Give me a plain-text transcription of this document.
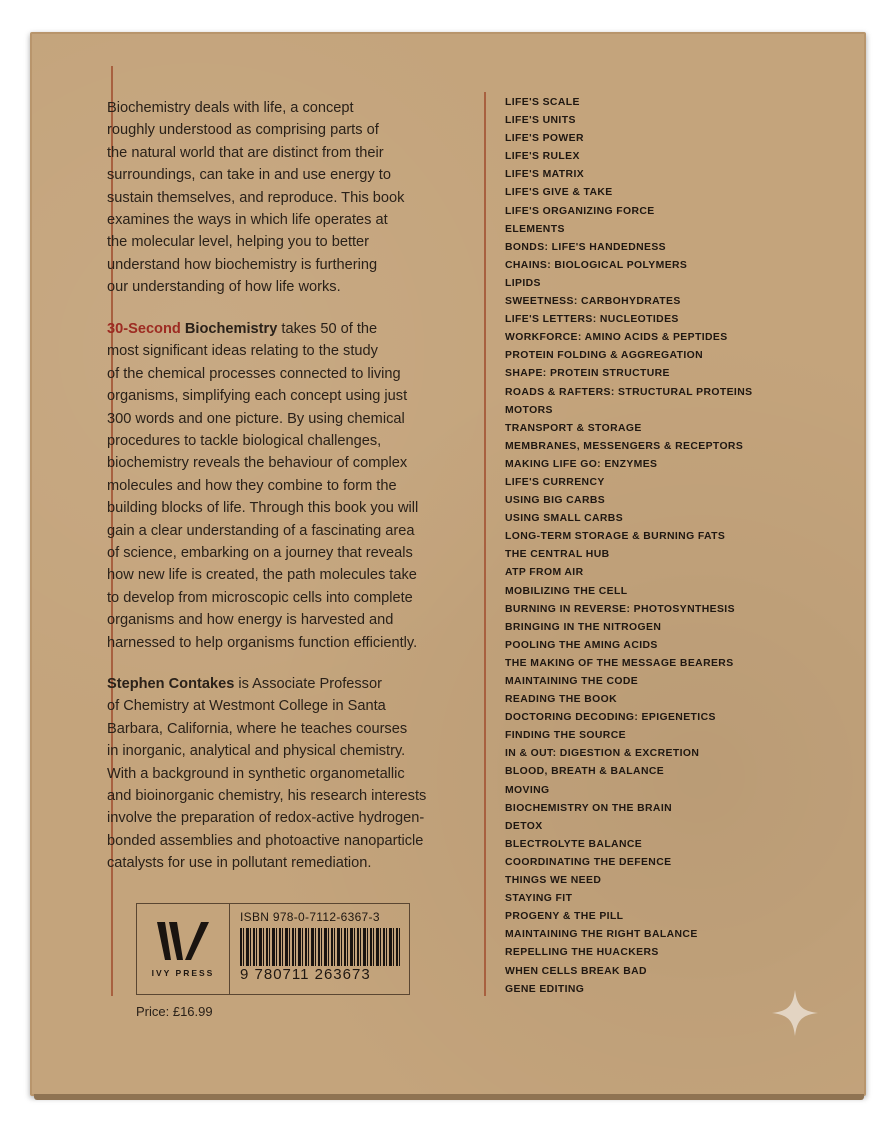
Biochemistry deals with life, a concept
roughly understood as comprising parts of
the natural world that are distinct from their
surroundings, can take in and use energy to
sustain themselves, and reproduce. This book
examines the ways in which life operates at
the molecular level, helping you to better
understand how biochemistry is furthering
our understanding of how life works.
30-Second Biochemistry takes 50 of the
most significant ideas relating to the study
of the chemical processes connected to living
organisms, simplifying each concept using just
300 words and one picture. By using chemical
procedures to tackle biological challenges,
biochemistry reveals the behaviour of complex
molecules and how they combine to form the
building blocks of life. Through this book you will
gain a clear understanding of a fascinating area
of science, embarking on a journey that reveals
how new life is created, the path molecules take
to develop from microscopic cells into complete
organisms and how energy is harvested and
harnessed to help organisms function efficiently.
Stephen Contakes is Associate Professor
of Chemistry at Westmont College in Santa
Barbara, California, where he teaches courses
in inorganic, analytical and physical chemistry.
With a background in synthetic organometallic
and bioinorganic chemistry, his research interests
involve the preparation of redox-active hydrogen-
bonded assemblies and photoactive nanoparticle
catalysts for use in pollutant remediation.
LIFE'S SCALE
LIFE'S UNITS
LIFE'S POWER
LIFE'S RULEX
LIFE'S MATRIX
LIFE'S GIVE & TAKE
LIFE'S ORGANIZING FORCE
ELEMENTS
BONDS: LIFE'S HANDEDNESS
CHAINS: BIOLOGICAL POLYMERS
LIPIDS
SWEETNESS: CARBOHYDRATES
LIFE'S LETTERS: NUCLEOTIDES
WORKFORCE: AMINO ACIDS & PEPTIDES
PROTEIN FOLDING & AGGREGATION
SHAPE: PROTEIN STRUCTURE
ROADS & RAFTERS: STRUCTURAL PROTEINS
MOTORS
TRANSPORT & STORAGE
MEMBRANES, MESSENGERS & RECEPTORS
MAKING LIFE GO: ENZYMES
LIFE'S CURRENCY
USING BIG CARBS
USING SMALL CARBS
LONG-TERM STORAGE & BURNING FATS
THE CENTRAL HUB
ATP FROM AIR
MOBILIZING THE CELL
BURNING IN REVERSE: PHOTOSYNTHESIS
BRINGING IN THE NITROGEN
POOLING THE AMING ACIDS
THE MAKING OF THE MESSAGE BEARERS
MAINTAINING THE CODE
READING THE BOOK
DOCTORING DECODING: EPIGENETICS
FINDING THE SOURCE
IN & OUT: DIGESTION & EXCRETION
BLOOD, BREATH & BALANCE
MOVING
BIOCHEMISTRY ON THE BRAIN
DETOX
BLECTROLYTE BALANCE
COORDINATING THE DEFENCE
THINGS WE NEED
STAYING FIT
PROGENY & THE PILL
MAINTAINING THE RIGHT BALANCE
REPELLING THE HUACKERS
WHEN CELLS BREAK BAD
GENE EDITING
IVY PRESS
ISBN 978-0-7112-6367-3
9 780711 263673
Price: £16.99
